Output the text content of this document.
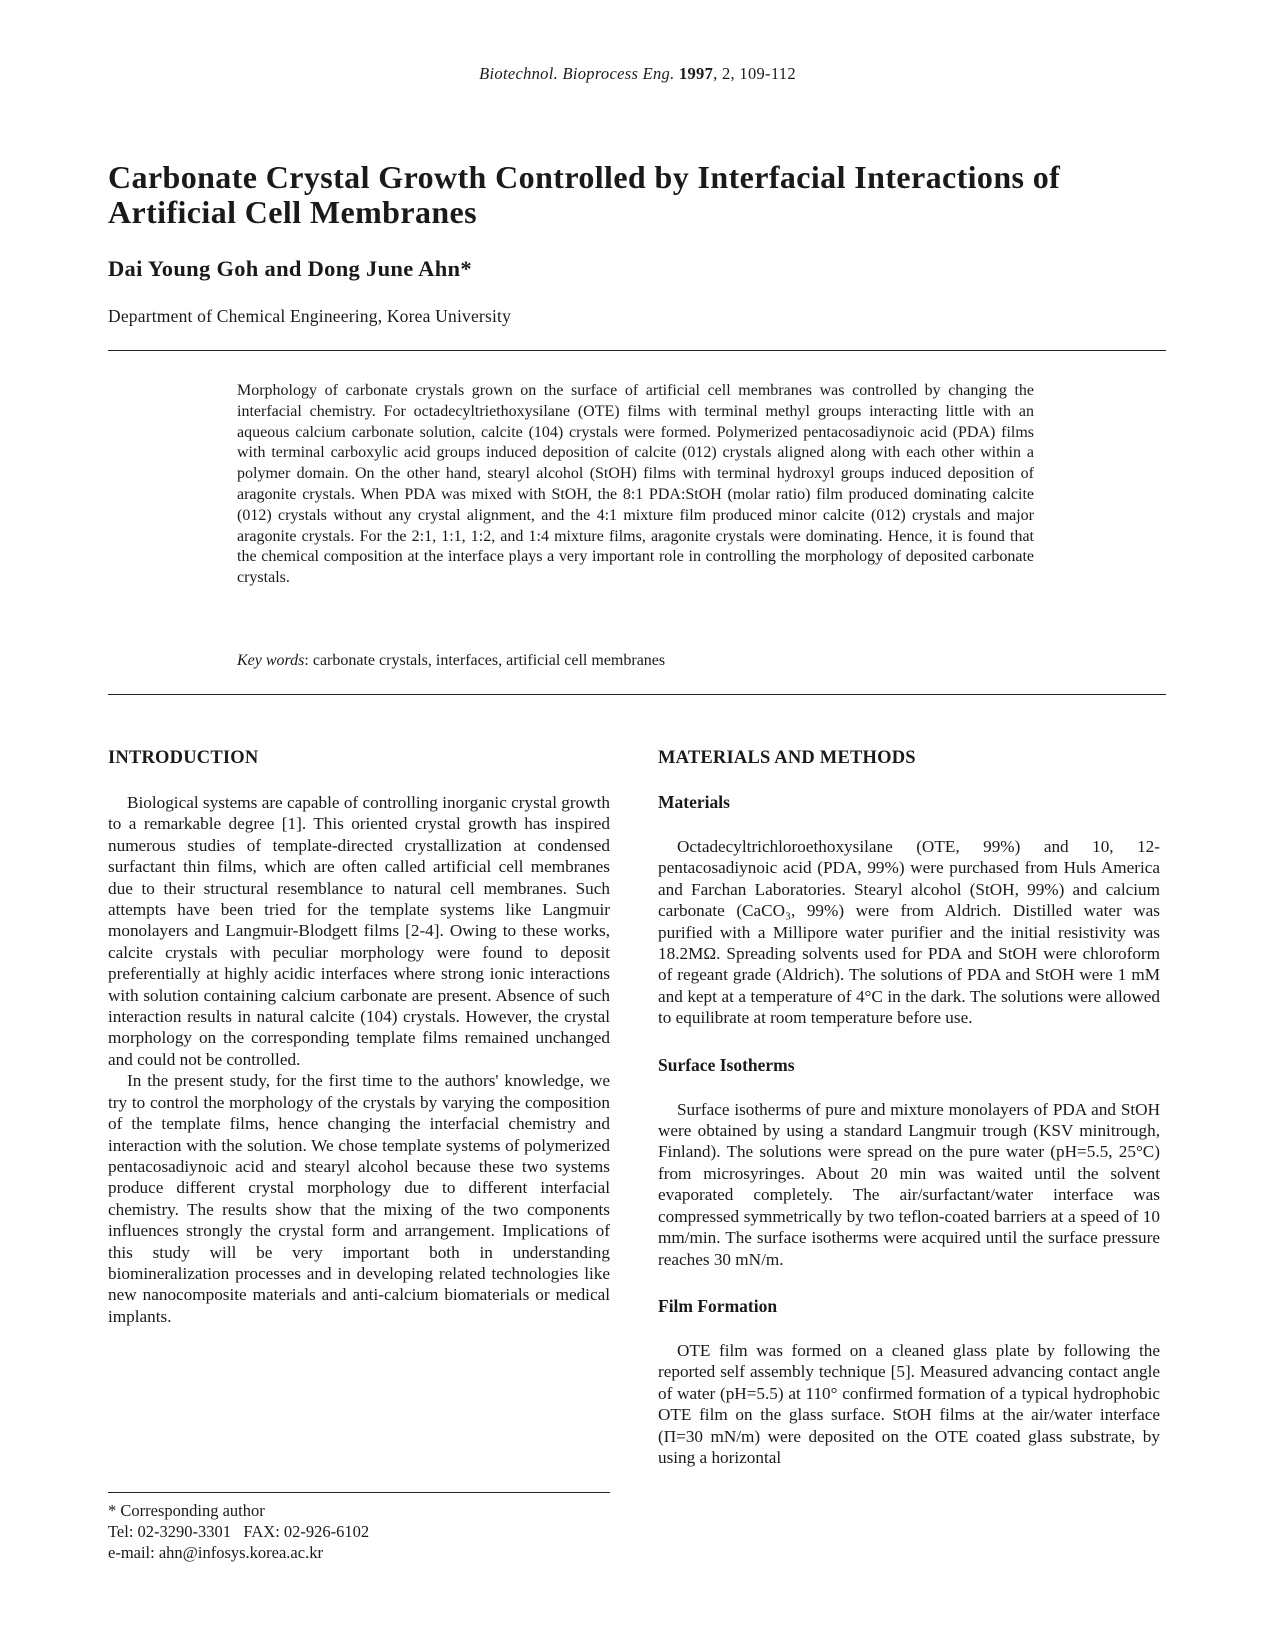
Biotechnol. Bioprocess Eng. 1997, 2, 109-112
Carbonate Crystal Growth Controlled by Interfacial Interactions of Artificial Cell Membranes
Dai Young Goh and Dong June Ahn*

Department of Chemical Engineering, Korea University

Morphology of carbonate crystals grown on the surface of artificial cell membranes was controlled by changing the interfacial chemistry. For octadecyltriethoxysilane (OTE) films with terminal methyl groups interacting little with an aqueous calcium carbonate solution, calcite (104) crystals were formed. Polymerized pentacosadiynoic acid (PDA) films with terminal carboxylic acid groups induced deposition of calcite (012) crystals aligned along with each other within a polymer domain. On the other hand, stearyl alcohol (StOH) films with terminal hydroxyl groups induced deposition of aragonite crystals. When PDA was mixed with StOH, the 8:1 PDA:StOH (molar ratio) film produced dominating calcite (012) crystals without any crystal alignment, and the 4:1 mixture film produced minor calcite (012) crystals and major aragonite crystals. For the 2:1, 1:1, 1:2, and 1:4 mixture films, aragonite crystals were dominating. Hence, it is found that the chemical composition at the interface plays a very important role in controlling the morphology of deposited carbonate crystals.

Key words: carbonate crystals, interfaces, artificial cell membranes

INTRODUCTION

Biological systems are capable of controlling inorganic crystal growth to a remarkable degree [1]. This oriented crystal growth has inspired numerous studies of template-directed crystallization at condensed surfactant thin films, which are often called artificial cell membranes due to their structural resemblance to natural cell membranes. Such attempts have been tried for the template systems like Langmuir monolayers and Langmuir-Blodgett films [2-4]. Owing to these works, calcite crystals with peculiar morphology were found to deposit preferentially at highly acidic interfaces where strong ionic interactions with solution containing calcium carbonate are present. Absence of such interaction results in natural calcite (104) crystals. However, the crystal morphology on the corresponding template films remained unchanged and could not be controlled.

In the present study, for the first time to the authors' knowledge, we try to control the morphology of the crystals by varying the composition of the template films, hence changing the interfacial chemistry and interaction with the solution. We chose template systems of polymerized pentacosadiynoic acid and stearyl alcohol because these two systems produce different crystal morphology due to different interfacial chemistry. The results show that the mixing of the two components influences strongly the crystal form and arrangement. Implications of this study will be very important both in understanding biomineralization processes and in developing related technologies like new nanocomposite materials and anti-calcium biomaterials or medical implants.

* Corresponding author
Tel: 02-3290-3301   FAX: 02-926-6102
e-mail: ahn@infosys.korea.ac.kr
MATERIALS AND METHODS
Materials

Octadecyltrichloroethoxysilane (OTE, 99%) and 10, 12-pentacosadiynoic acid (PDA, 99%) were purchased from Huls America and Farchan Laboratories. Stearyl alcohol (StOH, 99%) and calcium carbonate (CaCO₃, 99%) were from Aldrich. Distilled water was purified with a Millipore water purifier and the initial resistivity was 18.2MΩ. Spreading solvents used for PDA and StOH were chloroform of regeant grade (Aldrich). The solutions of PDA and StOH were 1 mM and kept at a temperature of 4°C in the dark. The solutions were allowed to equilibrate at room temperature before use.

Surface Isotherms

Surface isotherms of pure and mixture monolayers of PDA and StOH were obtained by using a standard Langmuir trough (KSV minitrough, Finland). The solutions were spread on the pure water (pH=5.5, 25°C) from microsyringes. About 20 min was waited until the solvent evaporated completely. The air/surfactant/water interface was compressed symmetrically by two teflon-coated barriers at a speed of 10 mm/min. The surface isotherms were acquired until the surface pressure reaches 30 mN/m.

Film Formation

OTE film was formed on a cleaned glass plate by following the reported self assembly technique [5]. Measured advancing contact angle of water (pH=5.5) at 110° confirmed formation of a typical hydrophobic OTE film on the glass surface. StOH films at the air/water interface (Π=30 mN/m) were deposited on the OTE coated glass substrate, by using a horizontal
